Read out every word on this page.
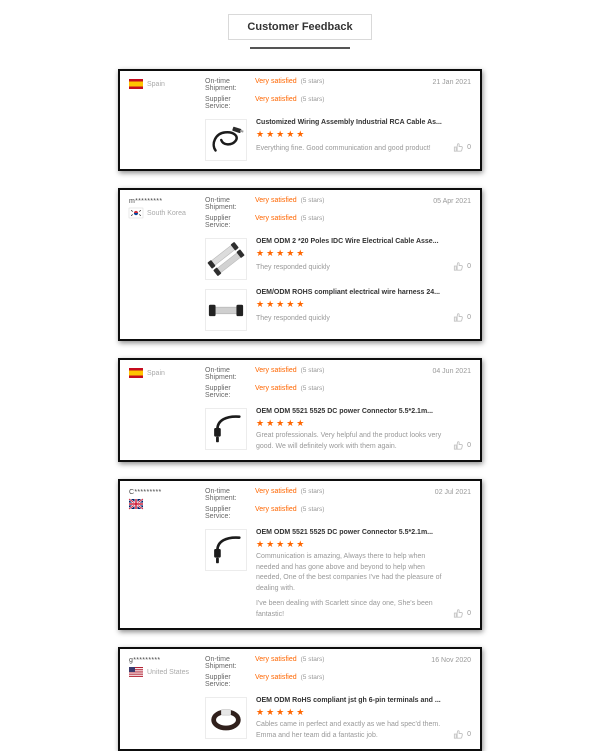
Customer Feedback
Spain	On-time Shipment:
Very satisfied (5 stars)
Supplier Service:
Very satisfied (5 stars)
21 Jan 2021
Customized Wiring Assembly Industrial RCA Cable As...
★★★★★
Everything fine. Good communication and good product!	0
m*********
South Korea
On-time Shipment:
Very satisfied (5 stars)
Supplier Service:
Very satisfied (5 stars)
05 Apr 2021
OEM ODM 2 *20 Poles IDC Wire Electrical Cable Asse...
★★★★★
They responded quickly	0
OEM/ODM ROHS compliant electrical wire harness 24...
★★★★★
They responded quickly	0
Spain	On-time Shipment:
Very satisfied (5 stars)
Supplier Service:
Very satisfied (5 stars)
04 Jun 2021
OEM ODM 5521 5525 DC power Connector 5.5*2.1m...
★★★★★
Great professionals. Very helpful and the product looks very good. We will definitely work with them again.	0
C*********	On-time Shipment:
Very satisfied (5 stars)
Supplier Service:
Very satisfied (5 stars)
02 Jul 2021
OEM ODM 5521 5525 DC power Connector 5.5*2.1m...
★★★★★
Communication is amazing, Always there to help when needed and has gone above and beyond to help when needed, One of the best companies I've had the pleasure of dealing with.
I've been dealing with Scarlett since day one, She's been fantastic!	0
g*********
United States
On-time Shipment:
Very satisfied (5 stars)
Supplier Service:
Very satisfied (5 stars)
16 Nov 2020
OEM ODM RoHS compliant jst gh 6-pin terminals and ...
★★★★★
Cables came in perfect and exactly as we had spec'd them. Emma and her team did a fantastic job.	0
